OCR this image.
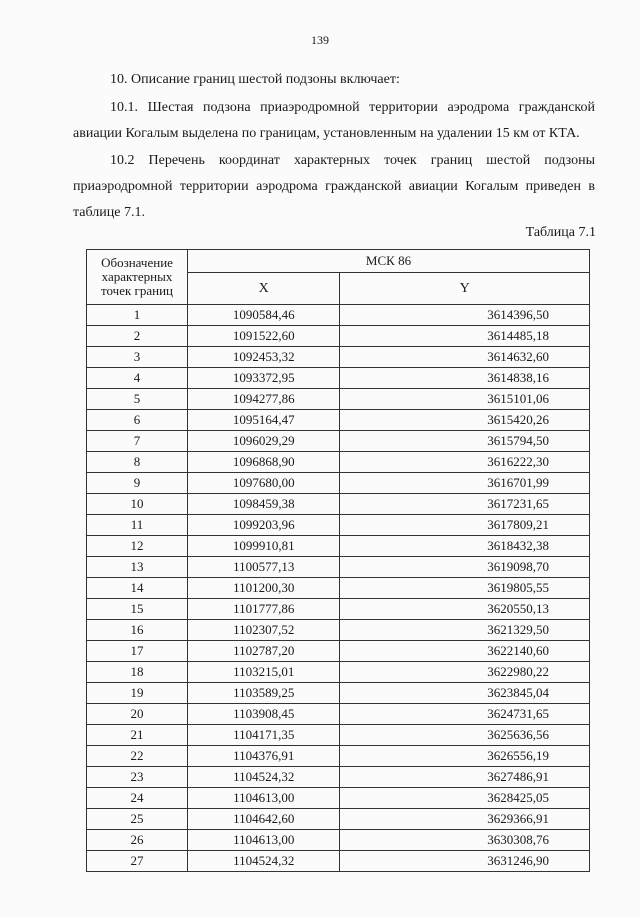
139

10. Описание границ шестой подзоны включает:

10.1. Шестая подзона приаэродромной территории аэродрома гражданской авиации Когалым выделена по границам, установленным на удалении 15 км от КТА.

10.2 Перечень координат характерных точек границ шестой подзоны приаэродромной территории аэродрома гражданской авиации Когалым приведен в таблице 7.1.

Таблица 7.1
Обозначение характерных точек границ	МСК 86	
	X	Y
1	1090584,46	3614396,50
2	1091522,60	3614485,18
3	1092453,32	3614632,60
4	1093372,95	3614838,16
5	1094277,86	3615101,06
6	1095164,47	3615420,26
7	1096029,29	3615794,50
8	1096868,90	3616222,30
9	1097680,00	3616701,99
10	1098459,38	3617231,65
11	1099203,96	3617809,21
12	1099910,81	3618432,38
13	1100577,13	3619098,70
14	1101200,30	3619805,55
15	1101777,86	3620550,13
16	1102307,52	3621329,50
17	1102787,20	3622140,60
18	1103215,01	3622980,22
19	1103589,25	3623845,04
20	1103908,45	3624731,65
21	1104171,35	3625636,56
22	1104376,91	3626556,19
23	1104524,32	3627486,91
24	1104613,00	3628425,05
25	1104642,60	3629366,91
26	1104613,00	3630308,76
27	1104524,32	3631246,90
